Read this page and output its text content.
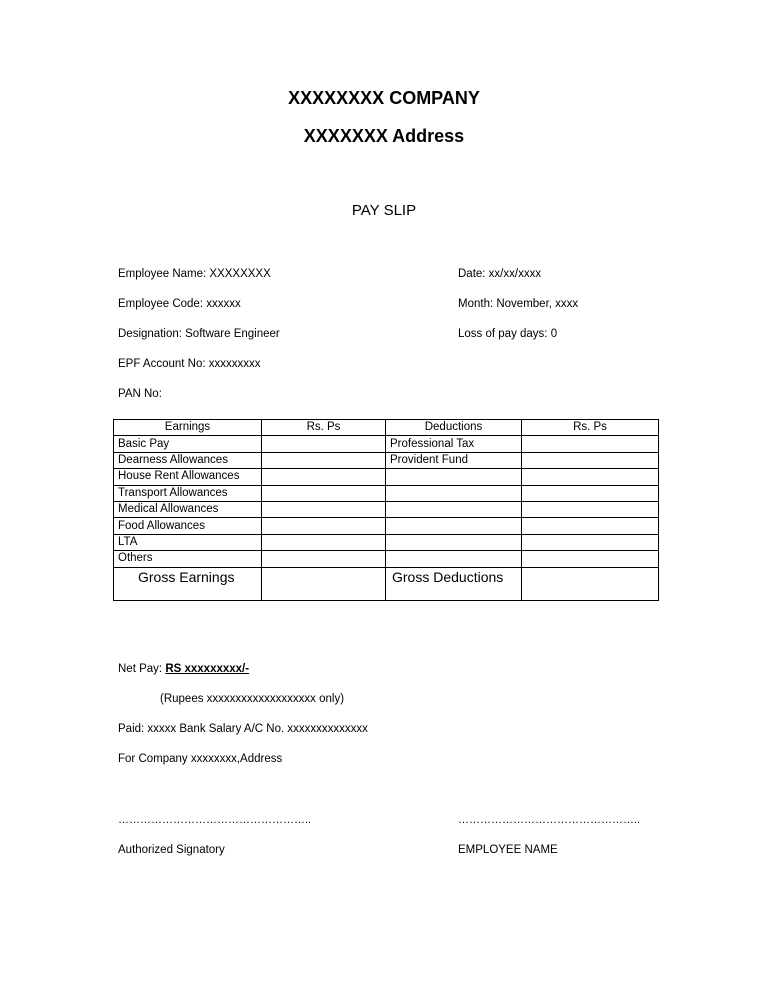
XXXXXXXX COMPANY
XXXXXXX Address
PAY SLIP
Employee Name: XXXXXXXX
Employee Code: xxxxxx
Designation: Software Engineer
EPF Account No: xxxxxxxxx
PAN No:
Date: xx/xx/xxxx
Month: November, xxxx
Loss of pay days: 0
Earnings	Rs. Ps	Deductions	Rs. Ps
Basic Pay		Professional Tax	
Dearness Allowances		Provident Fund	
House Rent Allowances			
Transport Allowances			
Medical Allowances			
Food Allowances			
LTA			
Others			
Gross Earnings		Gross Deductions	
Net Pay: RS xxxxxxxxx/-
(Rupees xxxxxxxxxxxxxxxxxxx only)
Paid: xxxxx Bank Salary A/C No. xxxxxxxxxxxxxx
For Company xxxxxxxx,Address
……………………………………………..	…………………………………………..
Authorized Signatory	EMPLOYEE NAME
